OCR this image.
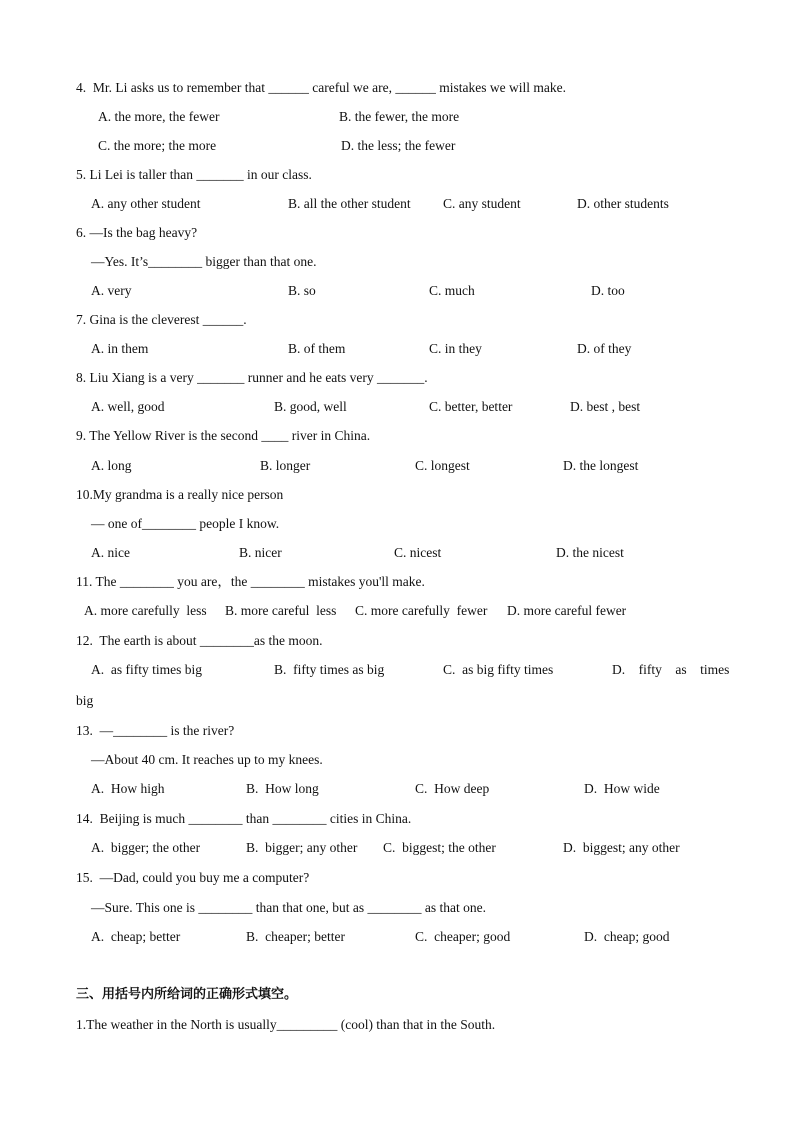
4.  Mr. Li asks us to remember that ______ careful we are, ______ mistakes we will make.
A. the more, the fewer	B. the fewer, the more
C. the more; the more	D. the less; the fewer
5. Li Lei is taller than _______ in our class.
A. any other student	B. all the other student C. any student	D. other students
6. —Is the bag heavy?
—Yes. It’s________ bigger than that one.
A. very	B. so	C. much	D. too
7. Gina is the cleverest ______.
A. in them	B. of them	C. in they	D. of they
8. Liu Xiang is a very _______ runner and he eats very _______.
A. well, good	B. good, well	C. better, better	D. best , best
9. The Yellow River is the second ____ river in China.
A. long	B. longer	C. longest	D. the longest
10.My grandma is a really nice person
— one of________ people I know.
A. nice	B. nicer	C. nicest	D. the nicest
11. The ________ you are，the ________ mistakes you'll make.
A. more carefully  less B. more careful  less C. more carefully  fewer D. more careful fewer
12.  The earth is about ________as the moon.
A.  as fifty times big	B.  fifty times as big	C.  as big fifty times	D.    fifty    as    times
big
13.  —________ is the river?
—About 40 cm. It reaches up to my knees.
A.  How high	B.  How long	C.  How deep	D.  How wide
14.  Beijing is much ________ than ________ cities in China.
A.  bigger; the other	B.  bigger; any other C.  biggest; the other	D.  biggest; any other
15.  —Dad, could you buy me a computer?
—Sure. This one is ________ than that one, but as ________ as that one.
A.  cheap; better	B.  cheaper; better	C.  cheaper; good	D.  cheap; good
三、用括号内所给词的正确形式填空。
1.The weather in the North is usually_________ (cool) than that in the South.
